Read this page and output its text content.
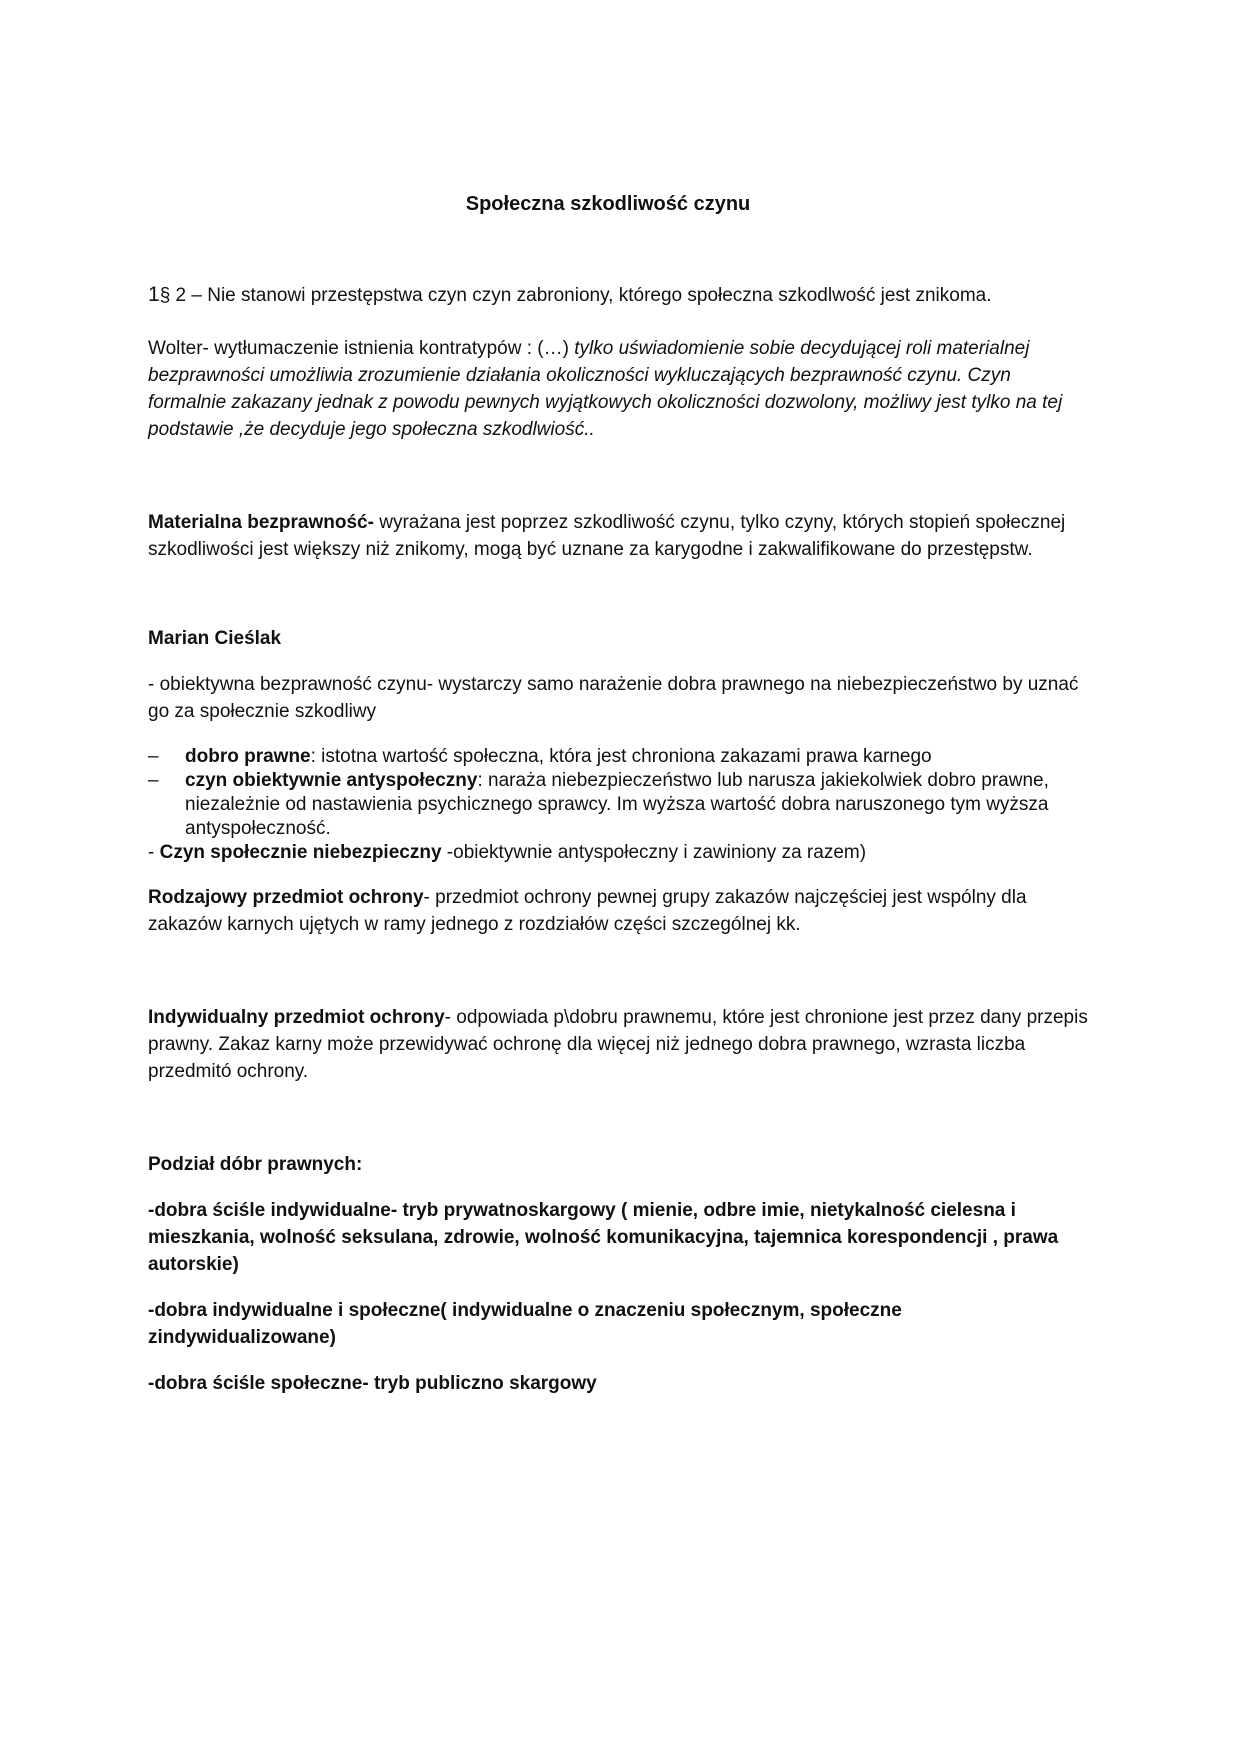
Społeczna szkodliwość czynu

1§ 2 – Nie stanowi przestępstwa czyn czyn zabroniony, którego społeczna szkodlwość jest znikoma.

Wolter- wytłumaczenie istnienia kontratypów : (…) tylko uświadomienie sobie decydującej roli materialnej bezprawności umożliwia zrozumienie działania okoliczności wykluczających bezprawność czynu. Czyn formalnie zakazany jednak z powodu pewnych wyjątkowych okoliczności dozwolony, możliwy jest tylko na tej podstawie ,że decyduje jego społeczna szkodlwiość..

Materialna bezprawność- wyrażana jest poprzez szkodliwość czynu, tylko czyny, których stopień społecznej szkodliwości jest większy niż znikomy, mogą być uznane za karygodne i zakwalifikowane do przestępstw.

Marian Cieślak

- obiektywna bezprawność czynu- wystarczy samo narażenie dobra prawnego na niebezpieczeństwo by uznać go za społecznie szkodliwy

– dobro prawne: istotna wartość społeczna, która jest chroniona zakazami prawa karnego
– czyn obiektywnie antyspołeczny: naraża niebezpieczeństwo lub narusza jakiekolwiek dobro prawne, niezależnie od nastawienia psychicznego sprawcy. Im wyższa wartość dobra naruszonego tym wyższa antyspołeczność.

- Czyn społecznie niebezpieczny -obiektywnie antyspołeczny i zawiniony za razem)

Rodzajowy przedmiot ochrony- przedmiot ochrony pewnej grupy zakazów najczęściej jest wspólny dla zakazów karnych ujętych w ramy jednego z rozdziałów części szczególnej kk.

Indywidualny przedmiot ochrony- odpowiada p\dobru prawnemu, które jest chronione jest przez dany przepis prawny. Zakaz karny może przewidywać ochronę dla więcej niż jednego dobra prawnego, wzrasta liczba przedmitó ochrony.

Podział dóbr prawnych:

-dobra ściśle indywidualne- tryb prywatnoskargowy ( mienie, odbre imie, nietykalność cielesna i mieszkania, wolność seksulana, zdrowie, wolność komunikacyjna, tajemnica korespondencji , prawa autorskie)

-dobra indywidualne i społeczne( indywidualne o znaczeniu społecznym, społeczne zindywidualizowane)

-dobra ściśle społeczne- tryb publiczno skargowy
